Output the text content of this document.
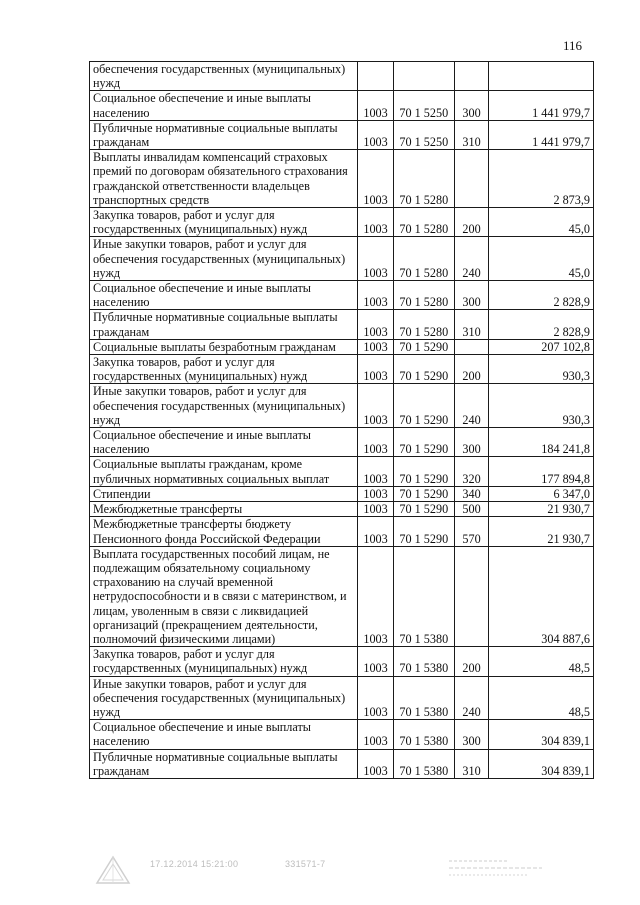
116
обеспечения государственных (муниципальных) нужд				
Социальное обеспечение и иные выплаты населению	1003	70 1 5250	300	1 441 979,7
Публичные нормативные социальные выплаты гражданам	1003	70 1 5250	310	1 441 979,7
Выплаты инвалидам компенсаций страховых премий по договорам обязательного страхования гражданской ответственности владельцев транспортных средств	1003	70 1 5280		2 873,9
Закупка товаров, работ и услуг для государственных (муниципальных) нужд	1003	70 1 5280	200	45,0
Иные закупки товаров, работ и услуг для обеспечения государственных (муниципальных) нужд	1003	70 1 5280	240	45,0
Социальное обеспечение и иные выплаты населению	1003	70 1 5280	300	2 828,9
Публичные нормативные социальные выплаты гражданам	1003	70 1 5280	310	2 828,9
Социальные выплаты безработным гражданам	1003	70 1 5290		207 102,8
Закупка товаров, работ и услуг для государственных (муниципальных) нужд	1003	70 1 5290	200	930,3
Иные закупки товаров, работ и услуг для обеспечения государственных (муниципальных) нужд	1003	70 1 5290	240	930,3
Социальное обеспечение и иные выплаты населению	1003	70 1 5290	300	184 241,8
Социальные выплаты гражданам, кроме публичных нормативных социальных выплат	1003	70 1 5290	320	177 894,8
Стипендии	1003	70 1 5290	340	6 347,0
Межбюджетные трансферты	1003	70 1 5290	500	21 930,7
Межбюджетные трансферты бюджету Пенсионного фонда Российской Федерации	1003	70 1 5290	570	21 930,7
Выплата государственных пособий лицам, не подлежащим обязательному социальному страхованию на случай временной нетрудоспособности и в связи с материнством, и лицам, уволенным в связи с ликвидацией организаций (прекращением деятельности, полномочий физическими лицами)	1003	70 1 5380		304 887,6
Закупка товаров, работ и услуг для государственных (муниципальных) нужд	1003	70 1 5380	200	48,5
Иные закупки товаров, работ и услуг для обеспечения государственных (муниципальных) нужд	1003	70 1 5380	240	48,5
Социальное обеспечение и иные выплаты населению	1003	70 1 5380	300	304 839,1
Публичные нормативные социальные выплаты гражданам	1003	70 1 5380	310	304 839,1
17.12.2014 15:21:00	331571-7
